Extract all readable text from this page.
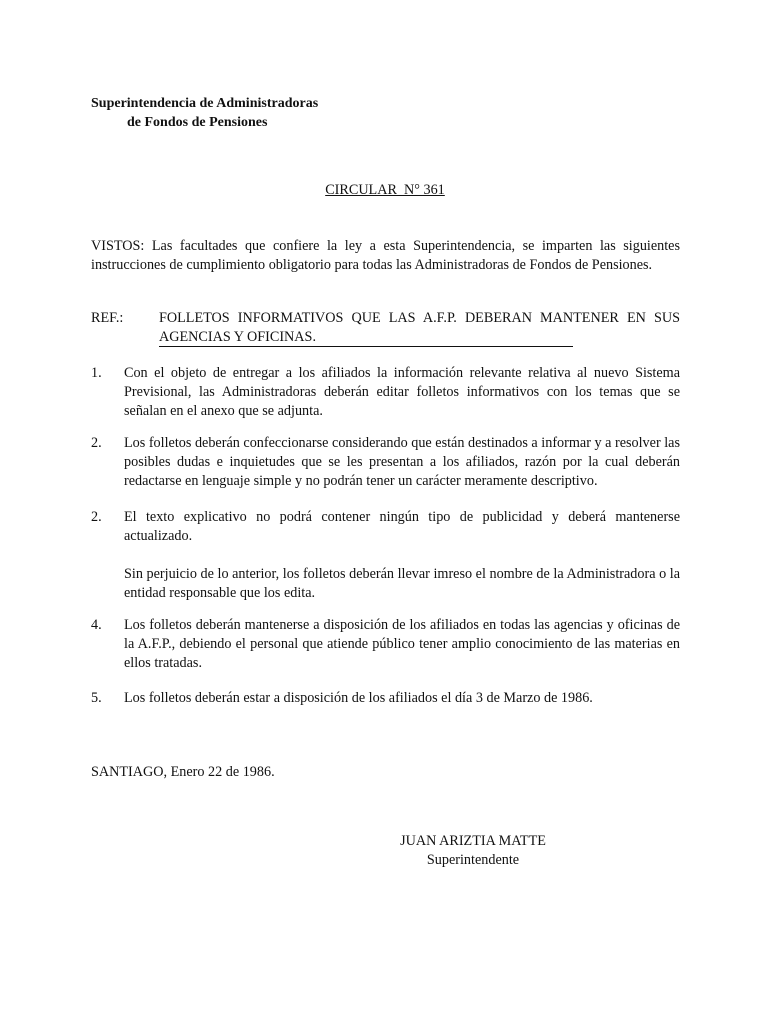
Superintendencia de Administradoras
de Fondos de Pensiones
CIRCULAR  N° 361
VISTOS: Las facultades que confiere la ley a esta Superintendencia, se imparten las siguientes instrucciones de cumplimiento obligatorio para todas las Administradoras de Fondos de Pensiones.
REF.:	FOLLETOS INFORMATIVOS QUE LAS A.F.P. DEBERAN MANTENER EN SUS
AGENCIAS Y OFICINAS.
1.	Con el objeto de entregar a los afiliados la información relevante relativa al nuevo Sistema Previsional, las Administradoras deberán editar folletos informativos con los temas que se señalan en el anexo que se adjunta.
2.	Los folletos deberán confeccionarse considerando que están destinados a informar y a resolver las posibles dudas e inquietudes que se les presentan a los afiliados, razón por la cual deberán redactarse en lenguaje simple y no podrán tener un carácter meramente descriptivo.
2.	El texto explicativo no podrá contener ningún tipo de publicidad y deberá mantenerse actualizado.
Sin perjuicio de lo anterior, los folletos deberán llevar imreso el nombre de la Administradora o la entidad responsable que los edita.
4.	Los folletos deberán mantenerse a disposición de los afiliados en todas las agencias y oficinas de la A.F.P., debiendo el personal que atiende público tener amplio conocimiento de las materias en ellos tratadas.
5.	Los folletos deberán estar a disposición de los afiliados el día 3 de Marzo de 1986.
SANTIAGO, Enero 22 de 1986.
JUAN ARIZTIA MATTE
Superintendente
